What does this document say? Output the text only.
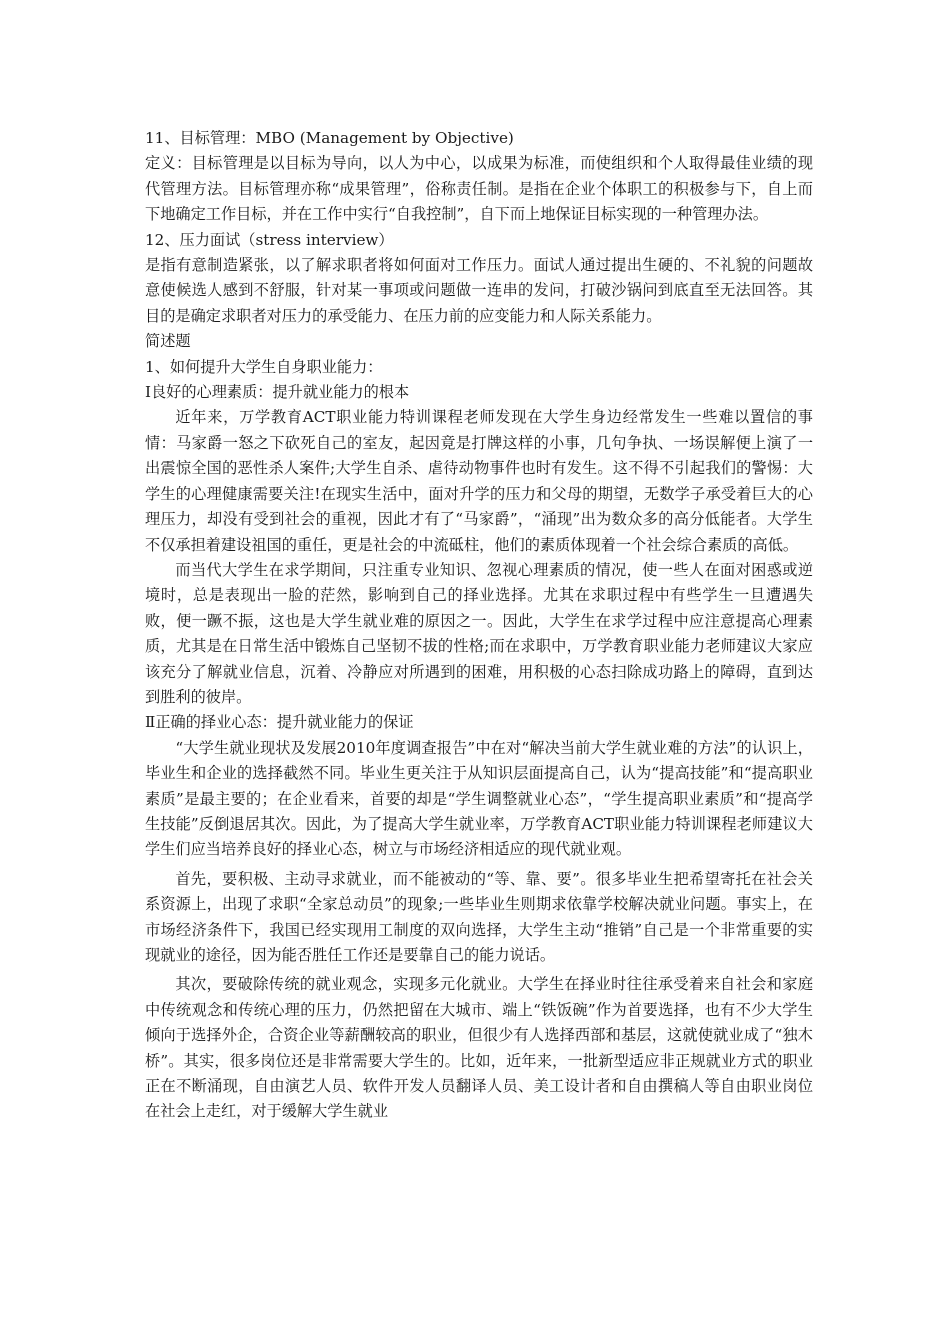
11、目标管理：MBO (Management by Objective)

定义：目标管理是以目标为导向，以人为中心，以成果为标准，而使组织和个人取得最佳业绩的现代管理方法。目标管理亦称“成果管理”，俗称责任制。是指在企业个体职工的积极参与下，自上而下地确定工作目标，并在工作中实行“自我控制”，自下而上地保证目标实现的一种管理办法。

12、压力面试（stress interview）

是指有意制造紧张，以了解求职者将如何面对工作压力。面试人通过提出生硬的、不礼貌的问题故意使候选人感到不舒服，针对某一事项或问题做一连串的发问，打破沙锅问到底直至无法回答。其目的是确定求职者对压力的承受能力、在压力前的应变能力和人际关系能力。

简述题

1、如何提升大学生自身职业能力：

Ⅰ良好的心理素质：提升就业能力的根本

近年来，万学教育ACT职业能力特训课程老师发现在大学生身边经常发生一些难以置信的事情：马家爵一怒之下砍死自己的室友，起因竟是打牌这样的小事，几句争执、一场误解便上演了一出震惊全国的恶性杀人案件;大学生自杀、虐待动物事件也时有发生。这不得不引起我们的警惕：大学生的心理健康需要关注!在现实生活中，面对升学的压力和父母的期望，无数学子承受着巨大的心理压力，却没有受到社会的重视，因此才有了“马家爵”，“涌现”出为数众多的高分低能者。大学生不仅承担着建设祖国的重任，更是社会的中流砥柱，他们的素质体现着一个社会综合素质的高低。

而当代大学生在求学期间，只注重专业知识、忽视心理素质的情况，使一些人在面对困惑或逆境时，总是表现出一脸的茫然，影响到自己的择业选择。尤其在求职过程中有些学生一旦遭遇失败，便一蹶不振，这也是大学生就业难的原因之一。因此，大学生在求学过程中应注意提高心理素质，尤其是在日常生活中锻炼自己坚韧不拔的性格;而在求职中，万学教育职业能力老师建议大家应该充分了解就业信息，沉着、冷静应对所遇到的困难，用积极的心态扫除成功路上的障碍，直到达到胜利的彼岸。

Ⅱ正确的择业心态：提升就业能力的保证

“大学生就业现状及发展2010年度调查报告”中在对“解决当前大学生就业难的方法”的认识上，毕业生和企业的选择截然不同。毕业生更关注于从知识层面提高自己，认为“提高技能”和“提高职业素质”是最主要的；在企业看来，首要的却是“学生调整就业心态”，“学生提高职业素质”和“提高学生技能”反倒退居其次。因此，为了提高大学生就业率，万学教育ACT职业能力特训课程老师建议大学生们应当培养良好的择业心态，树立与市场经济相适应的现代就业观。

首先，要积极、主动寻求就业，而不能被动的“等、靠、要”。很多毕业生把希望寄托在社会关系资源上，出现了求职“全家总动员”的现象;一些毕业生则期求依靠学校解决就业问题。事实上，在市场经济条件下，我国已经实现用工制度的双向选择，大学生主动“推销”自己是一个非常重要的实现就业的途径，因为能否胜任工作还是要靠自己的能力说话。

其次，要破除传统的就业观念，实现多元化就业。大学生在择业时往往承受着来自社会和家庭中传统观念和传统心理的压力，仍然把留在大城市、端上“铁饭碗”作为首要选择，也有不少大学生倾向于选择外企，合资企业等薪酬较高的职业，但很少有人选择西部和基层，这就使就业成了“独木桥”。其实，很多岗位还是非常需要大学生的。比如，近年来，一批新型适应非正规就业方式的职业正在不断涌现，自由演艺人员、软件开发人员翻译人员、美工设计者和自由撰稿人等自由职业岗位在社会上走红，对于缓解大学生就业
